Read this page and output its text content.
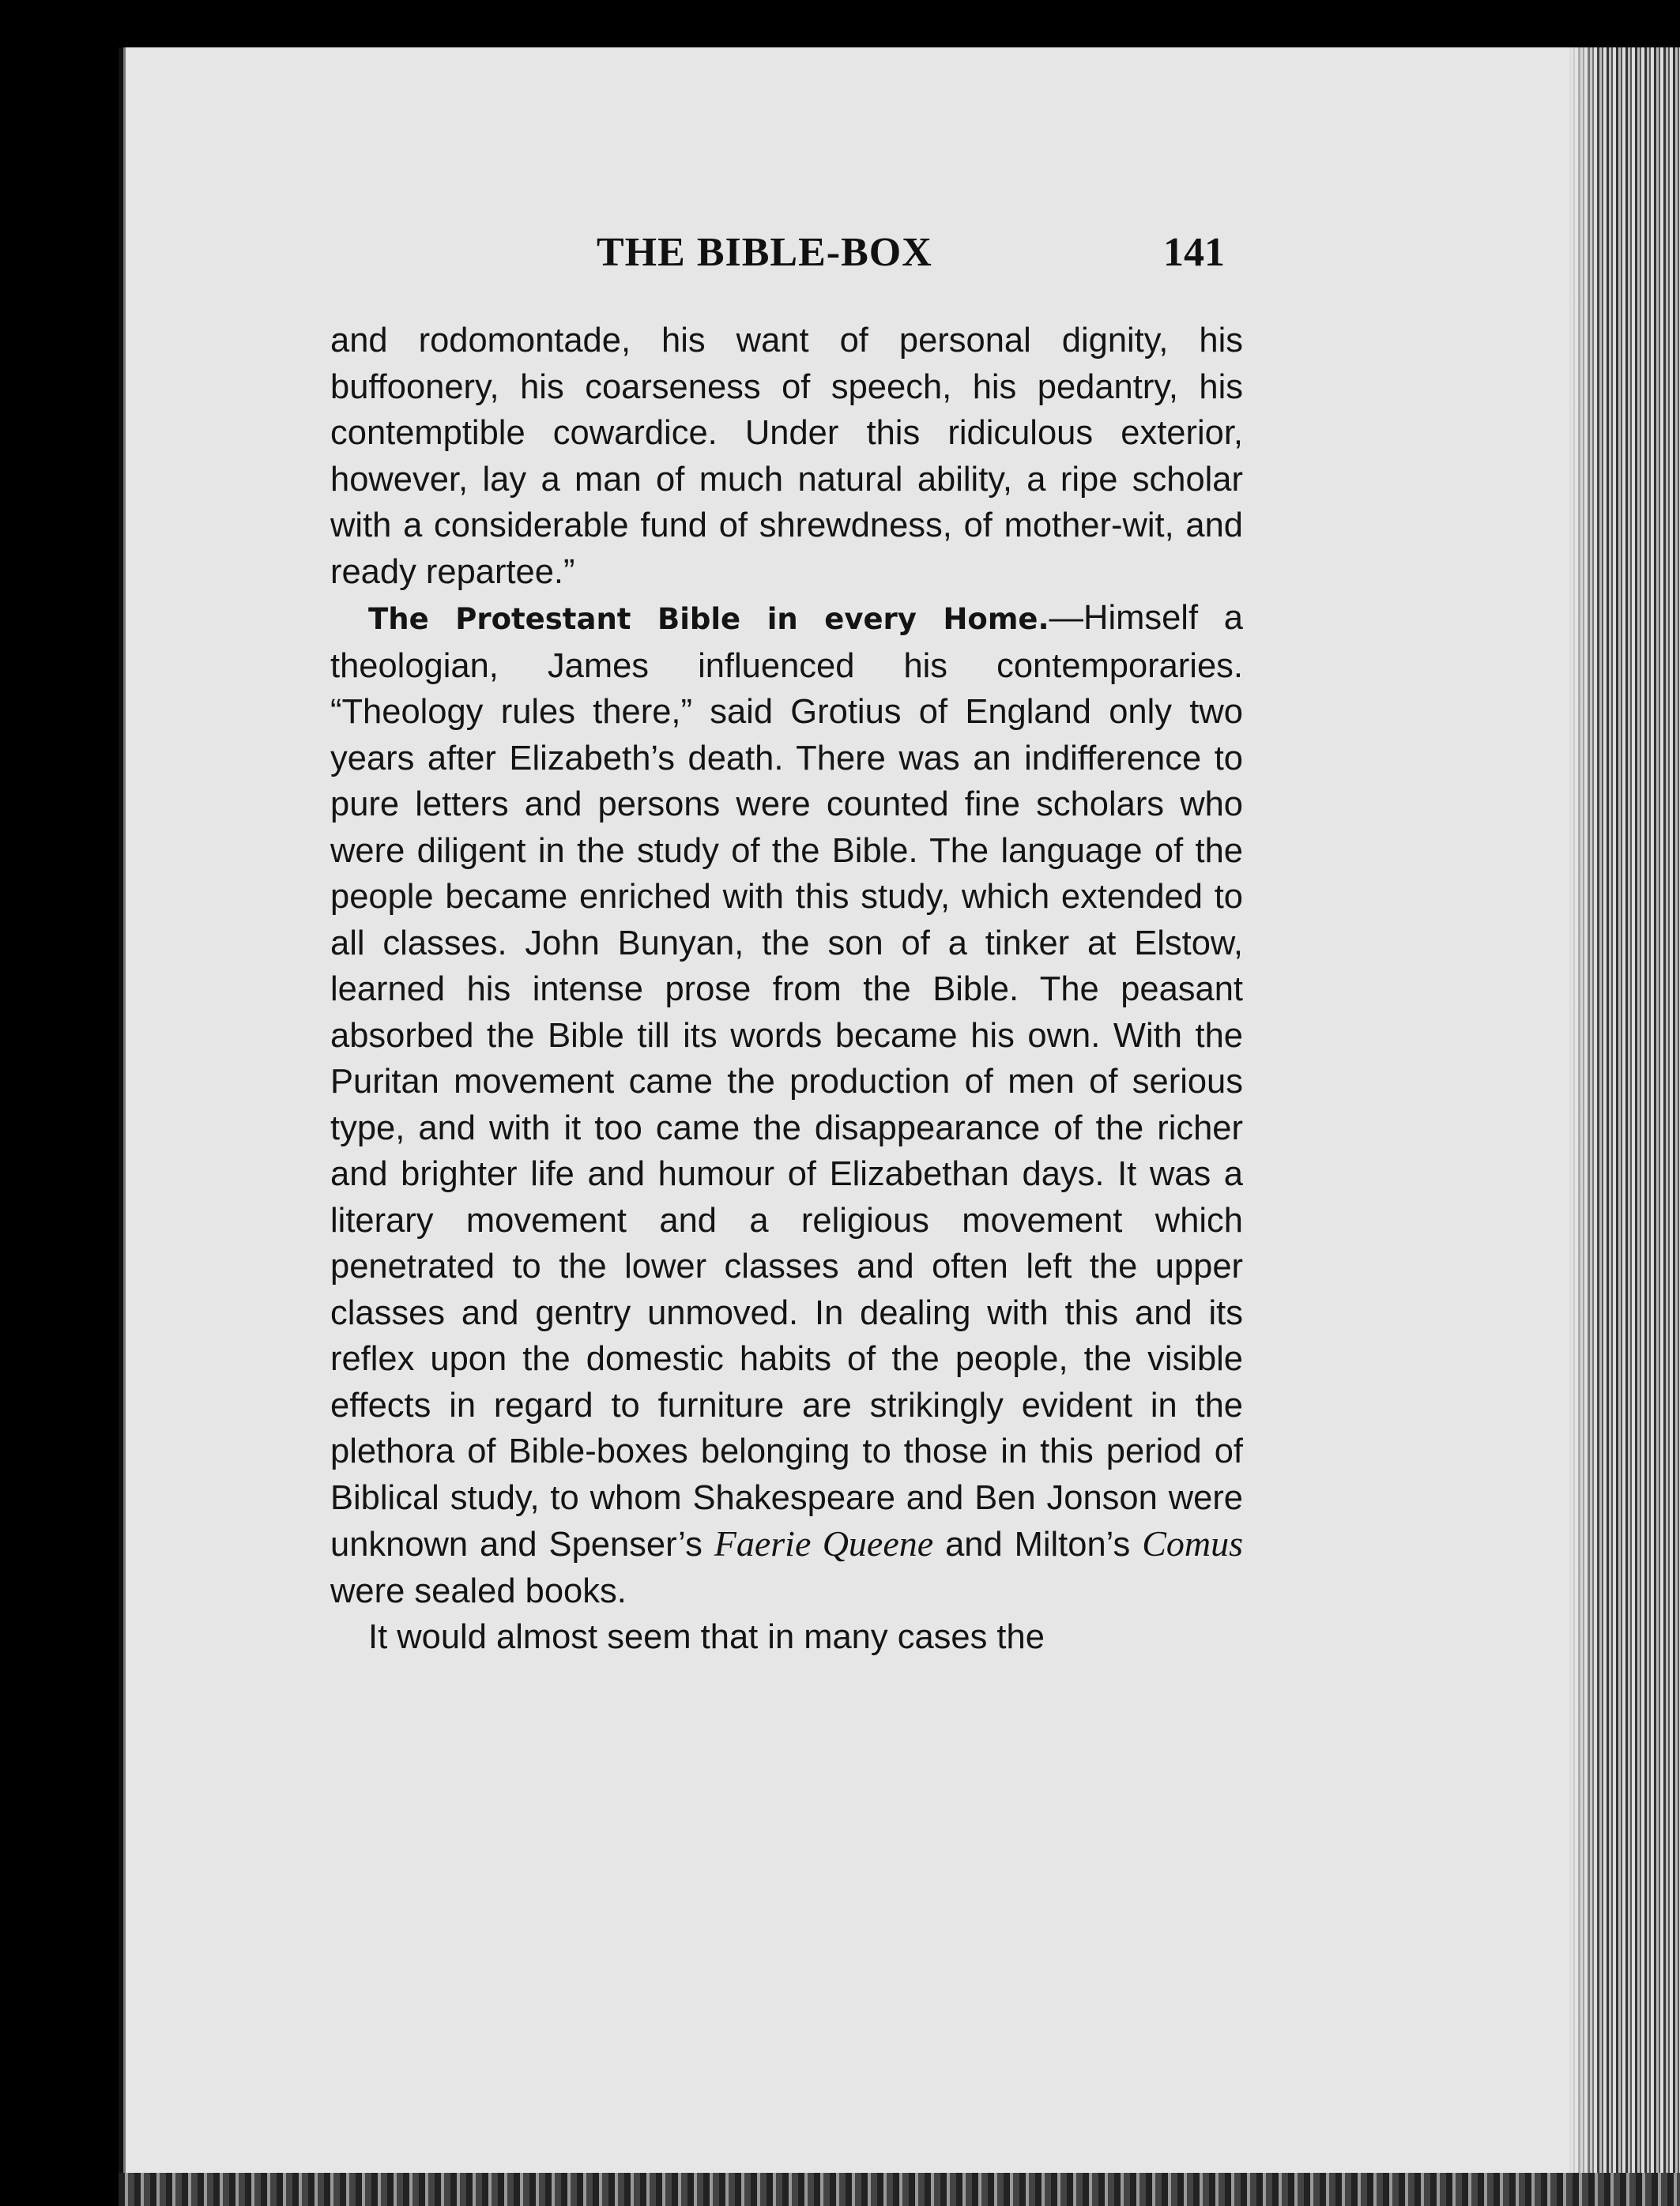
THE BIBLE-BOX	141

and rodomontade, his want of personal dignity, his buffoonery, his coarseness of speech, his pedantry, his contemptible cowardice. Under this ridiculous exterior, however, lay a man of much natural ability, a ripe scholar with a considerable fund of shrewdness, of mother-wit, and ready repartee.”

The Protestant Bible in every Home.—Himself a theologian, James influenced his contemporaries. “Theology rules there,” said Grotius of England only two years after Elizabeth’s death. There was an indifference to pure letters and persons were counted fine scholars who were diligent in the study of the Bible. The language of the people became enriched with this study, which extended to all classes. John Bunyan, the son of a tinker at Elstow, learned his intense prose from the Bible. The peasant absorbed the Bible till its words became his own. With the Puritan movement came the production of men of serious type, and with it too came the disappearance of the richer and brighter life and humour of Elizabethan days. It was a literary movement and a religious movement which penetrated to the lower classes and often left the upper classes and gentry unmoved. In dealing with this and its reflex upon the domestic habits of the people, the visible effects in regard to furniture are strikingly evident in the plethora of Bible-boxes belonging to those in this period of Biblical study, to whom Shakespeare and Ben Jonson were unknown and Spenser’s Faerie Queene and Milton’s Comus were sealed books.

It would almost seem that in many cases the
